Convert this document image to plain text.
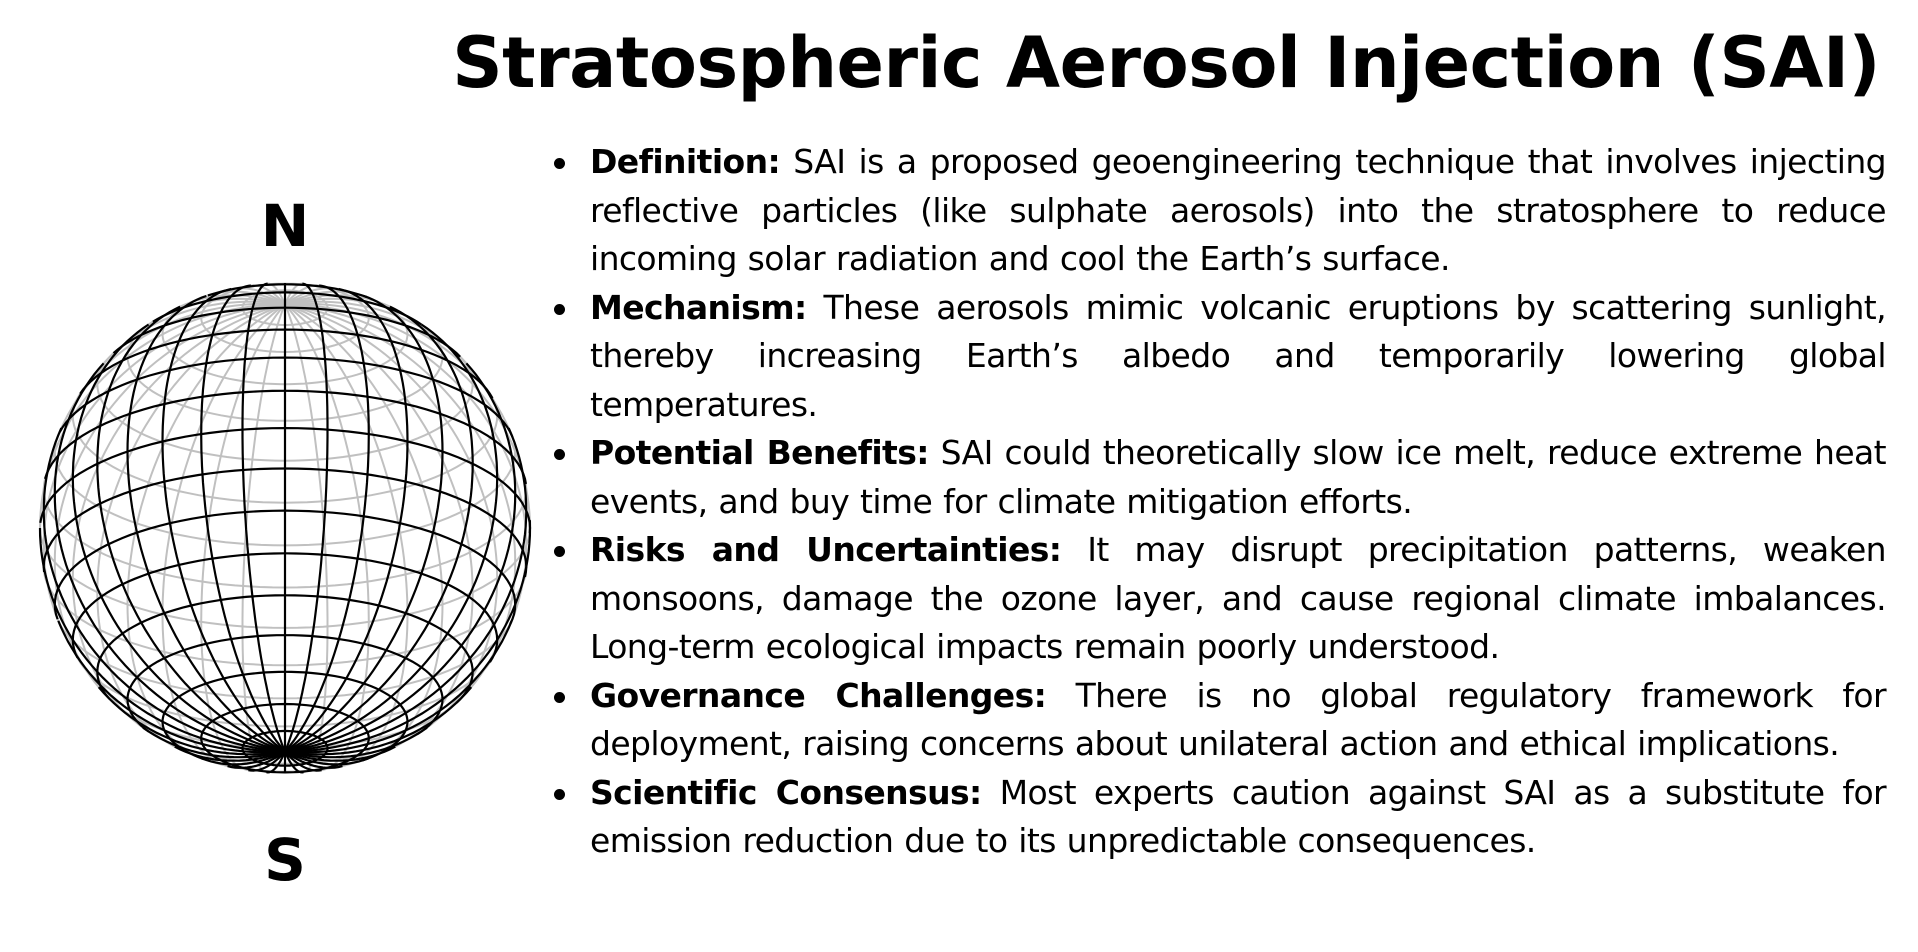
Stratospheric Aerosol Injection (SAI)
N
S
Definition: SAI is a proposed geoengineering technique that involves injecting reflective particles (like sulphate aerosols) into the stratosphere to reduce incoming solar radiation and cool the Earth’s surface.
Mechanism: These aerosols mimic volcanic eruptions by scattering sunlight, thereby increasing Earth’s albedo and temporarily lowering global temperatures.
Potential Benefits: SAI could theoretically slow ice melt, reduce extreme heat events, and buy time for climate mitigation efforts.
Risks and Uncertainties: It may disrupt precipitation patterns, weaken monsoons, damage the ozone layer, and cause regional climate imbalances. Long-term ecological impacts remain poorly understood.
Governance Challenges: There is no global regulatory framework for deployment, raising concerns about unilateral action and ethical implications.
Scientific Consensus: Most experts caution against SAI as a substitute for emission reduction due to its unpredictable consequences.
